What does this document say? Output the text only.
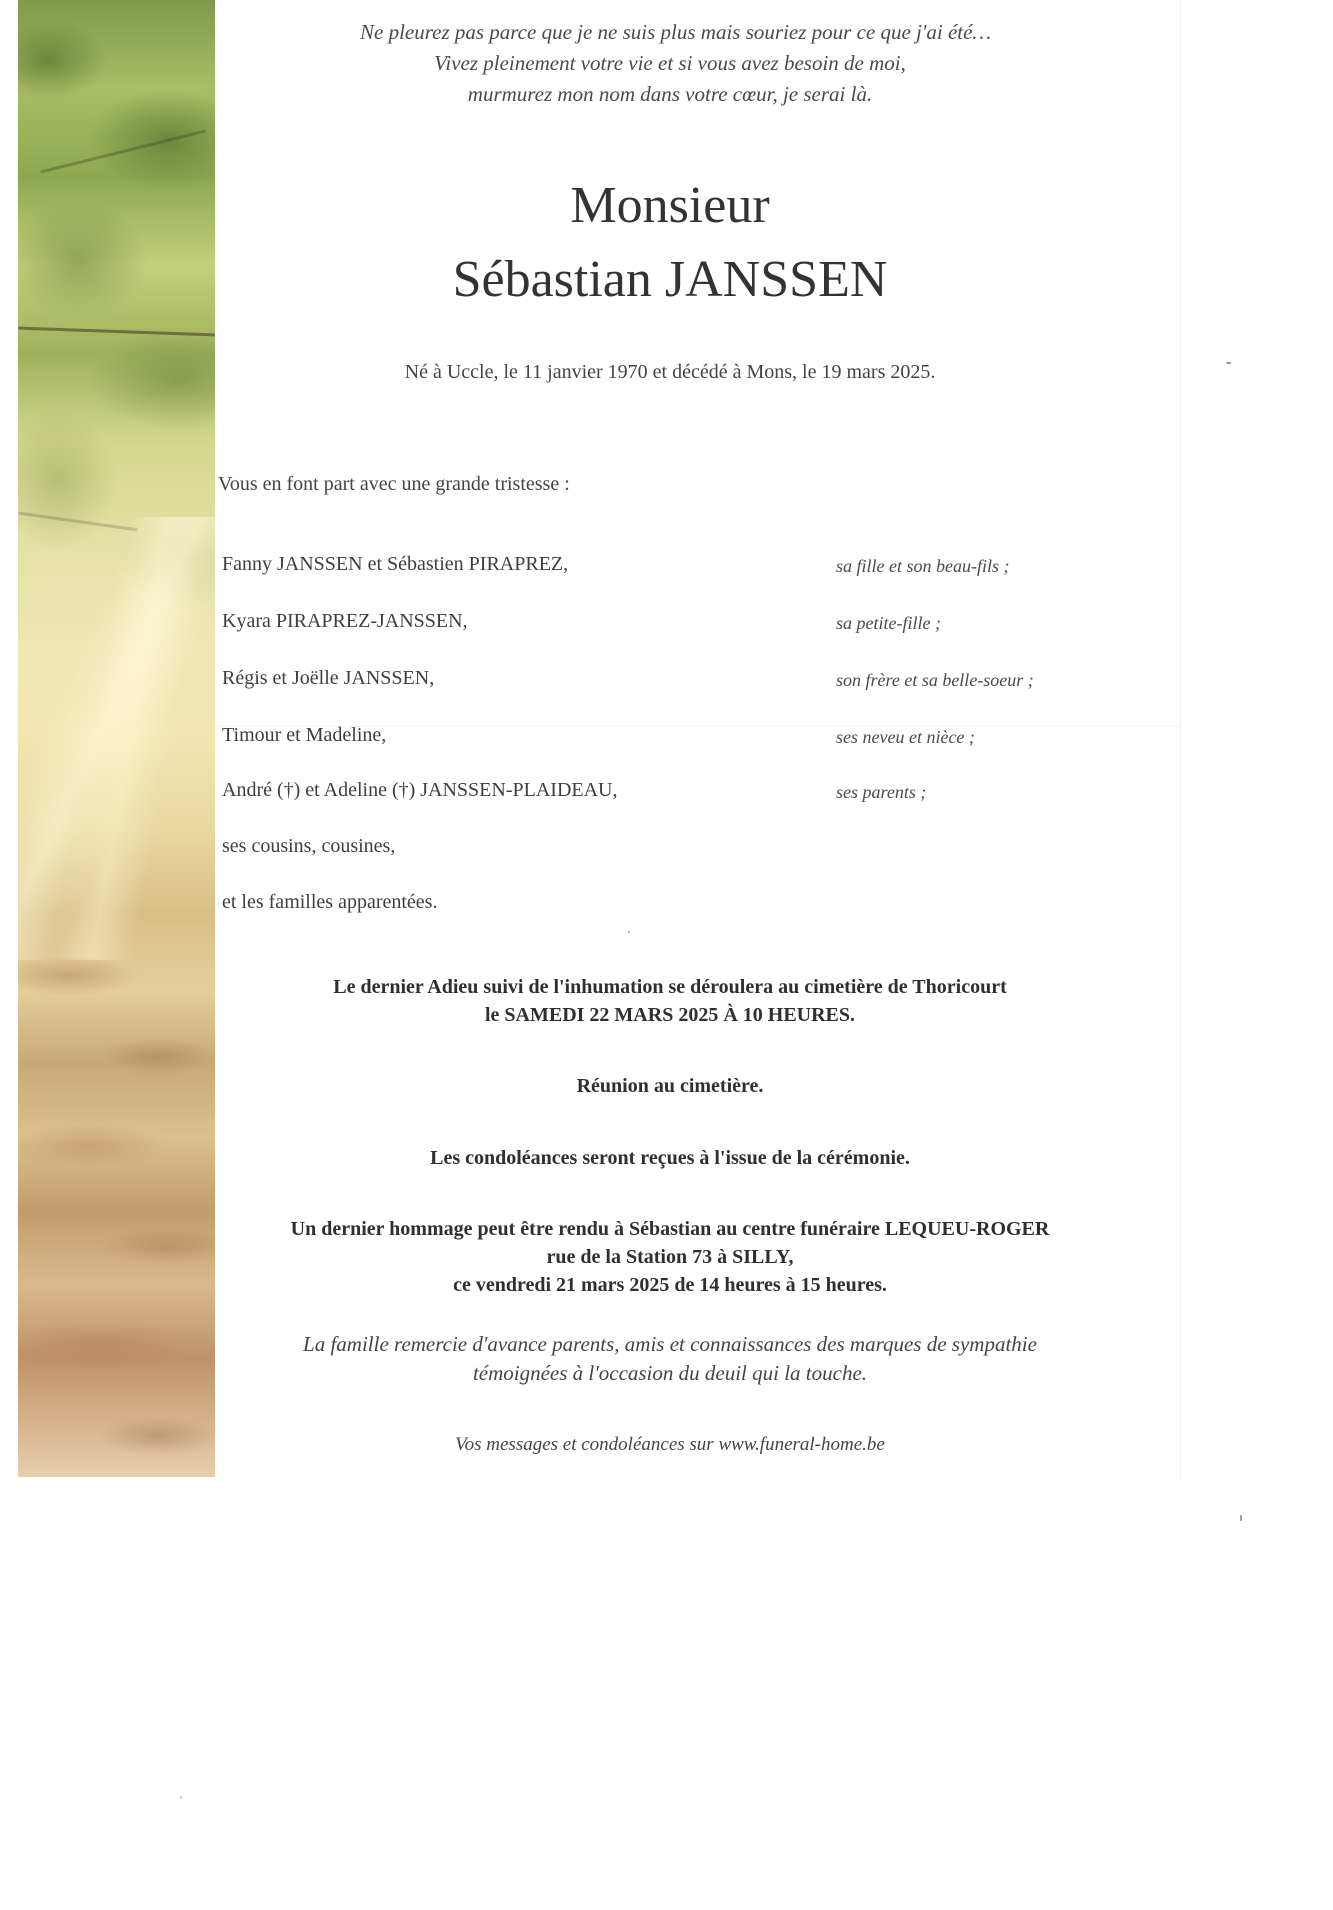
Ne pleurez pas parce que je ne suis plus mais souriez pour ce que j'ai été…

Vivez pleinement votre vie et si vous avez besoin de moi,

murmurez mon nom dans votre cœur, je serai là.

Monsieur

Sébastian JANSSEN

Né à Uccle, le 11 janvier 1970 et décédé à Mons, le 19 mars 2025.

Vous en font part avec une grande tristesse :

Fanny JANSSEN et Sébastien PIRAPREZ,	sa fille et son beau-fils ;

Kyara PIRAPREZ-JANSSEN,	sa petite-fille ;

Régis et Joëlle JANSSEN,	son frère et sa belle-soeur ;

Timour et Madeline,	ses neveu et nièce ;

André (†) et Adeline (†) JANSSEN-PLAIDEAU,	ses parents ;

ses cousins, cousines,

et les familles apparentées.

Le dernier Adieu suivi de l'inhumation se déroulera au cimetière de Thoricourt

le SAMEDI 22 MARS 2025 À 10 HEURES.

Réunion au cimetière.

Les condoléances seront reçues à l'issue de la cérémonie.

Un dernier hommage peut être rendu à Sébastian au centre funéraire LEQUEU-ROGER

rue de la Station 73 à SILLY,

ce vendredi 21 mars 2025 de 14 heures à 15 heures.

La famille remercie d'avance parents, amis et connaissances des marques de sympathie

témoignées à l'occasion du deuil qui la touche.

Vos messages et condoléances sur www.funeral-home.be
